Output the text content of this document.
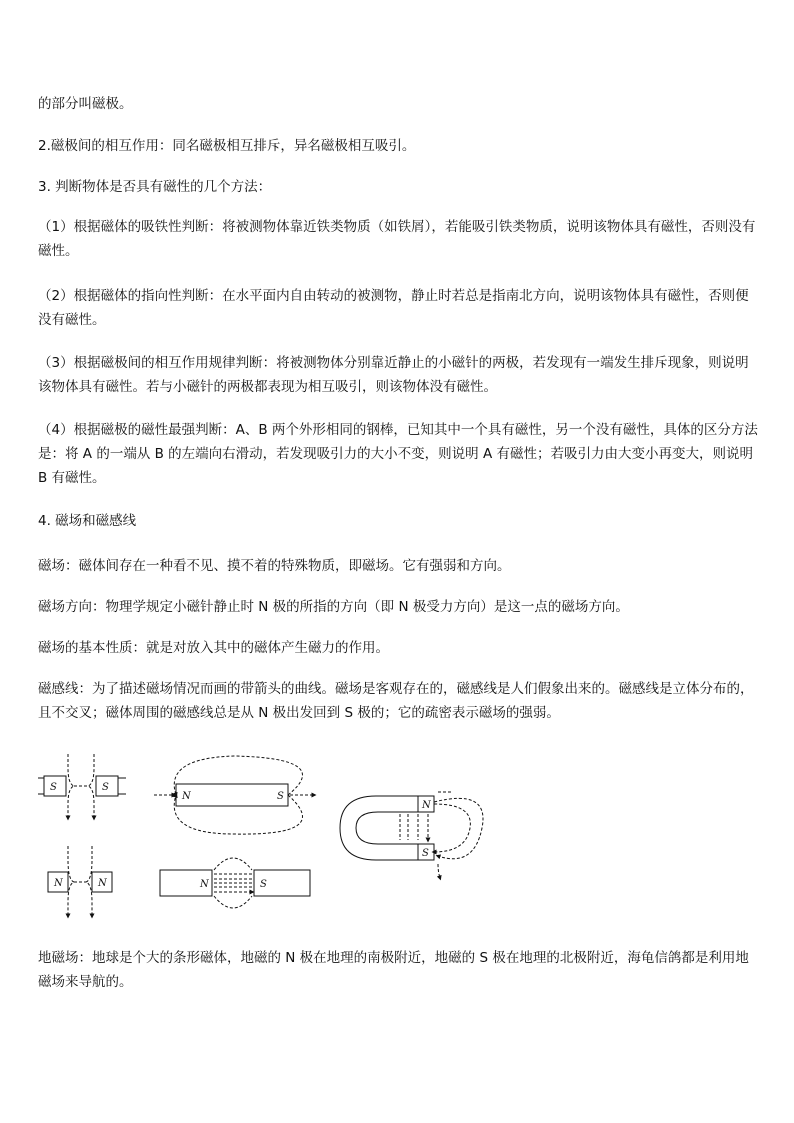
的部分叫磁极。
2.磁极间的相互作用：同名磁极相互排斥，异名磁极相互吸引。
3. 判断物体是否具有磁性的几个方法：
（1）根据磁体的吸铁性判断：将被测物体靠近铁类物质（如铁屑），若能吸引铁类物质，说明该物体具有磁性，否则没有磁性。
（2）根据磁体的指向性判断：在水平面内自由转动的被测物，静止时若总是指南北方向，说明该物体具有磁性，否则便没有磁性。
（3）根据磁极间的相互作用规律判断：将被测物体分别靠近静止的小磁针的两极，若发现有一端发生排斥现象，则说明该物体具有磁性。若与小磁针的两极都表现为相互吸引，则该物体没有磁性。
（4）根据磁极的磁性最强判断：A、B 两个外形相同的钢棒，已知其中一个具有磁性，另一个没有磁性，具体的区分方法是：将 A 的一端从 B 的左端向右滑动，若发现吸引力的大小不变，则说明 A 有磁性；若吸引力由大变小再变大，则说明 B 有磁性。
4. 磁场和磁感线
磁场：磁体间存在一种看不见、摸不着的特殊物质，即磁场。它有强弱和方向。
磁场方向：物理学规定小磁针静止时 N 极的所指的方向（即 N 极受力方向）是这一点的磁场方向。
磁场的基本性质：就是对放入其中的磁体产生磁力的作用。
磁感线：为了描述磁场情况而画的带箭头的曲线。磁场是客观存在的，磁感线是人们假象出来的。磁感线是立体分布的，且不交叉；磁体周围的磁感线总是从 N 极出发回到 S 极的；它的疏密表示磁场的强弱。
S	S
N	N
N	S
N	S
N
S
地磁场：地球是个大的条形磁体，地磁的 N 极在地理的南极附近，地磁的 S 极在地理的北极附近，海龟信鸽都是利用地磁场来导航的。
